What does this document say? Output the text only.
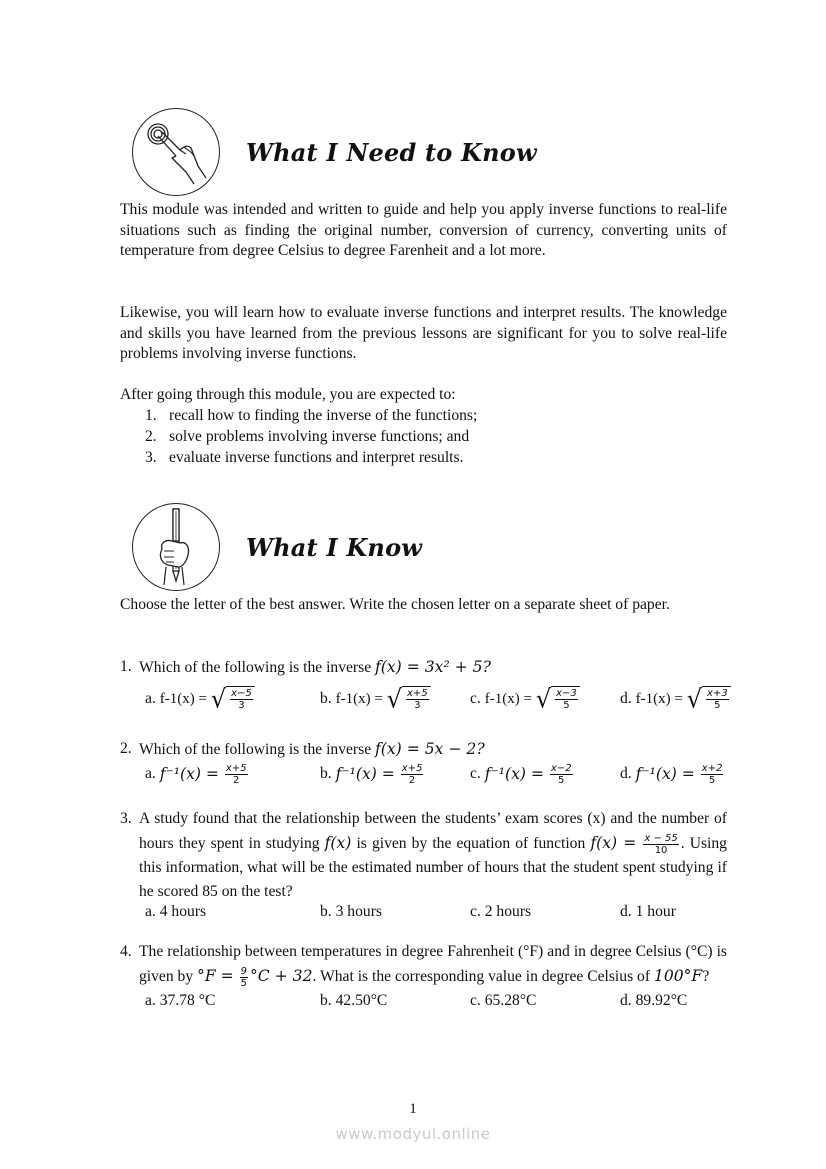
What I Need to Know

This module was intended and written to guide and help you apply inverse functions to real-life situations such as finding the original number, conversion of currency, converting units of temperature from degree Celsius to degree Farenheit and a lot more.

Likewise, you will learn how to evaluate inverse functions and interpret results. The knowledge and skills you have learned from the previous lessons are significant for you to solve real-life problems involving inverse functions.

After going through this module, you are expected to:

1. recall how to finding the inverse of the functions;
2. solve problems involving inverse functions; and
3. evaluate inverse functions and interpret results.
What I Know

Choose the letter of the best answer. Write the chosen letter on a separate sheet of paper.

1. Which of the following is the inverse f(x) = 3x² + 5?
a.
f-1(x) =
√ $\frac{x-5}{3}$	b.
f-1(x) =
√ $\frac{x+5}{3}$	c.
f-1(x) =
√ $\frac{x-3}{5}$	d.
f-1(x) =
√ $\frac{x+3}{5}$
2. Which of the following is the inverse f(x) = 5x − 2?
a.
f⁻¹(x) =
$\frac{x+5}{2}$	b.
f⁻¹(x) =
$\frac{x+5}{2}$	c.
f⁻¹(x) =
$\frac{x-2}{5}$	d.
f⁻¹(x) =
$\frac{x+2}{5}$
3. A study found that the relationship between the students’ exam scores (x) and the number of hours they spent in studying f(x) is given by the equation of function $f(x) = \frac{x - 55}{10}$ . Using this information, what will be the estimated number of hours that the student spent studying if he scored 85 on the test?
a.
4 hours	b.
3 hours	c.
2 hours	d.
1 hour
4. The relationship between temperatures in degree Fahrenheit (°F) and in degree Celsius (°C) is given by $^\circ F = \frac{9}{5} ^\circ C + 32$. What is the corresponding value in degree Celsius of 100°F?
a.
37.78 °C	b.
42.50°C	c.
65.28°C	d.
89.92°C
1
www.modyul.online
